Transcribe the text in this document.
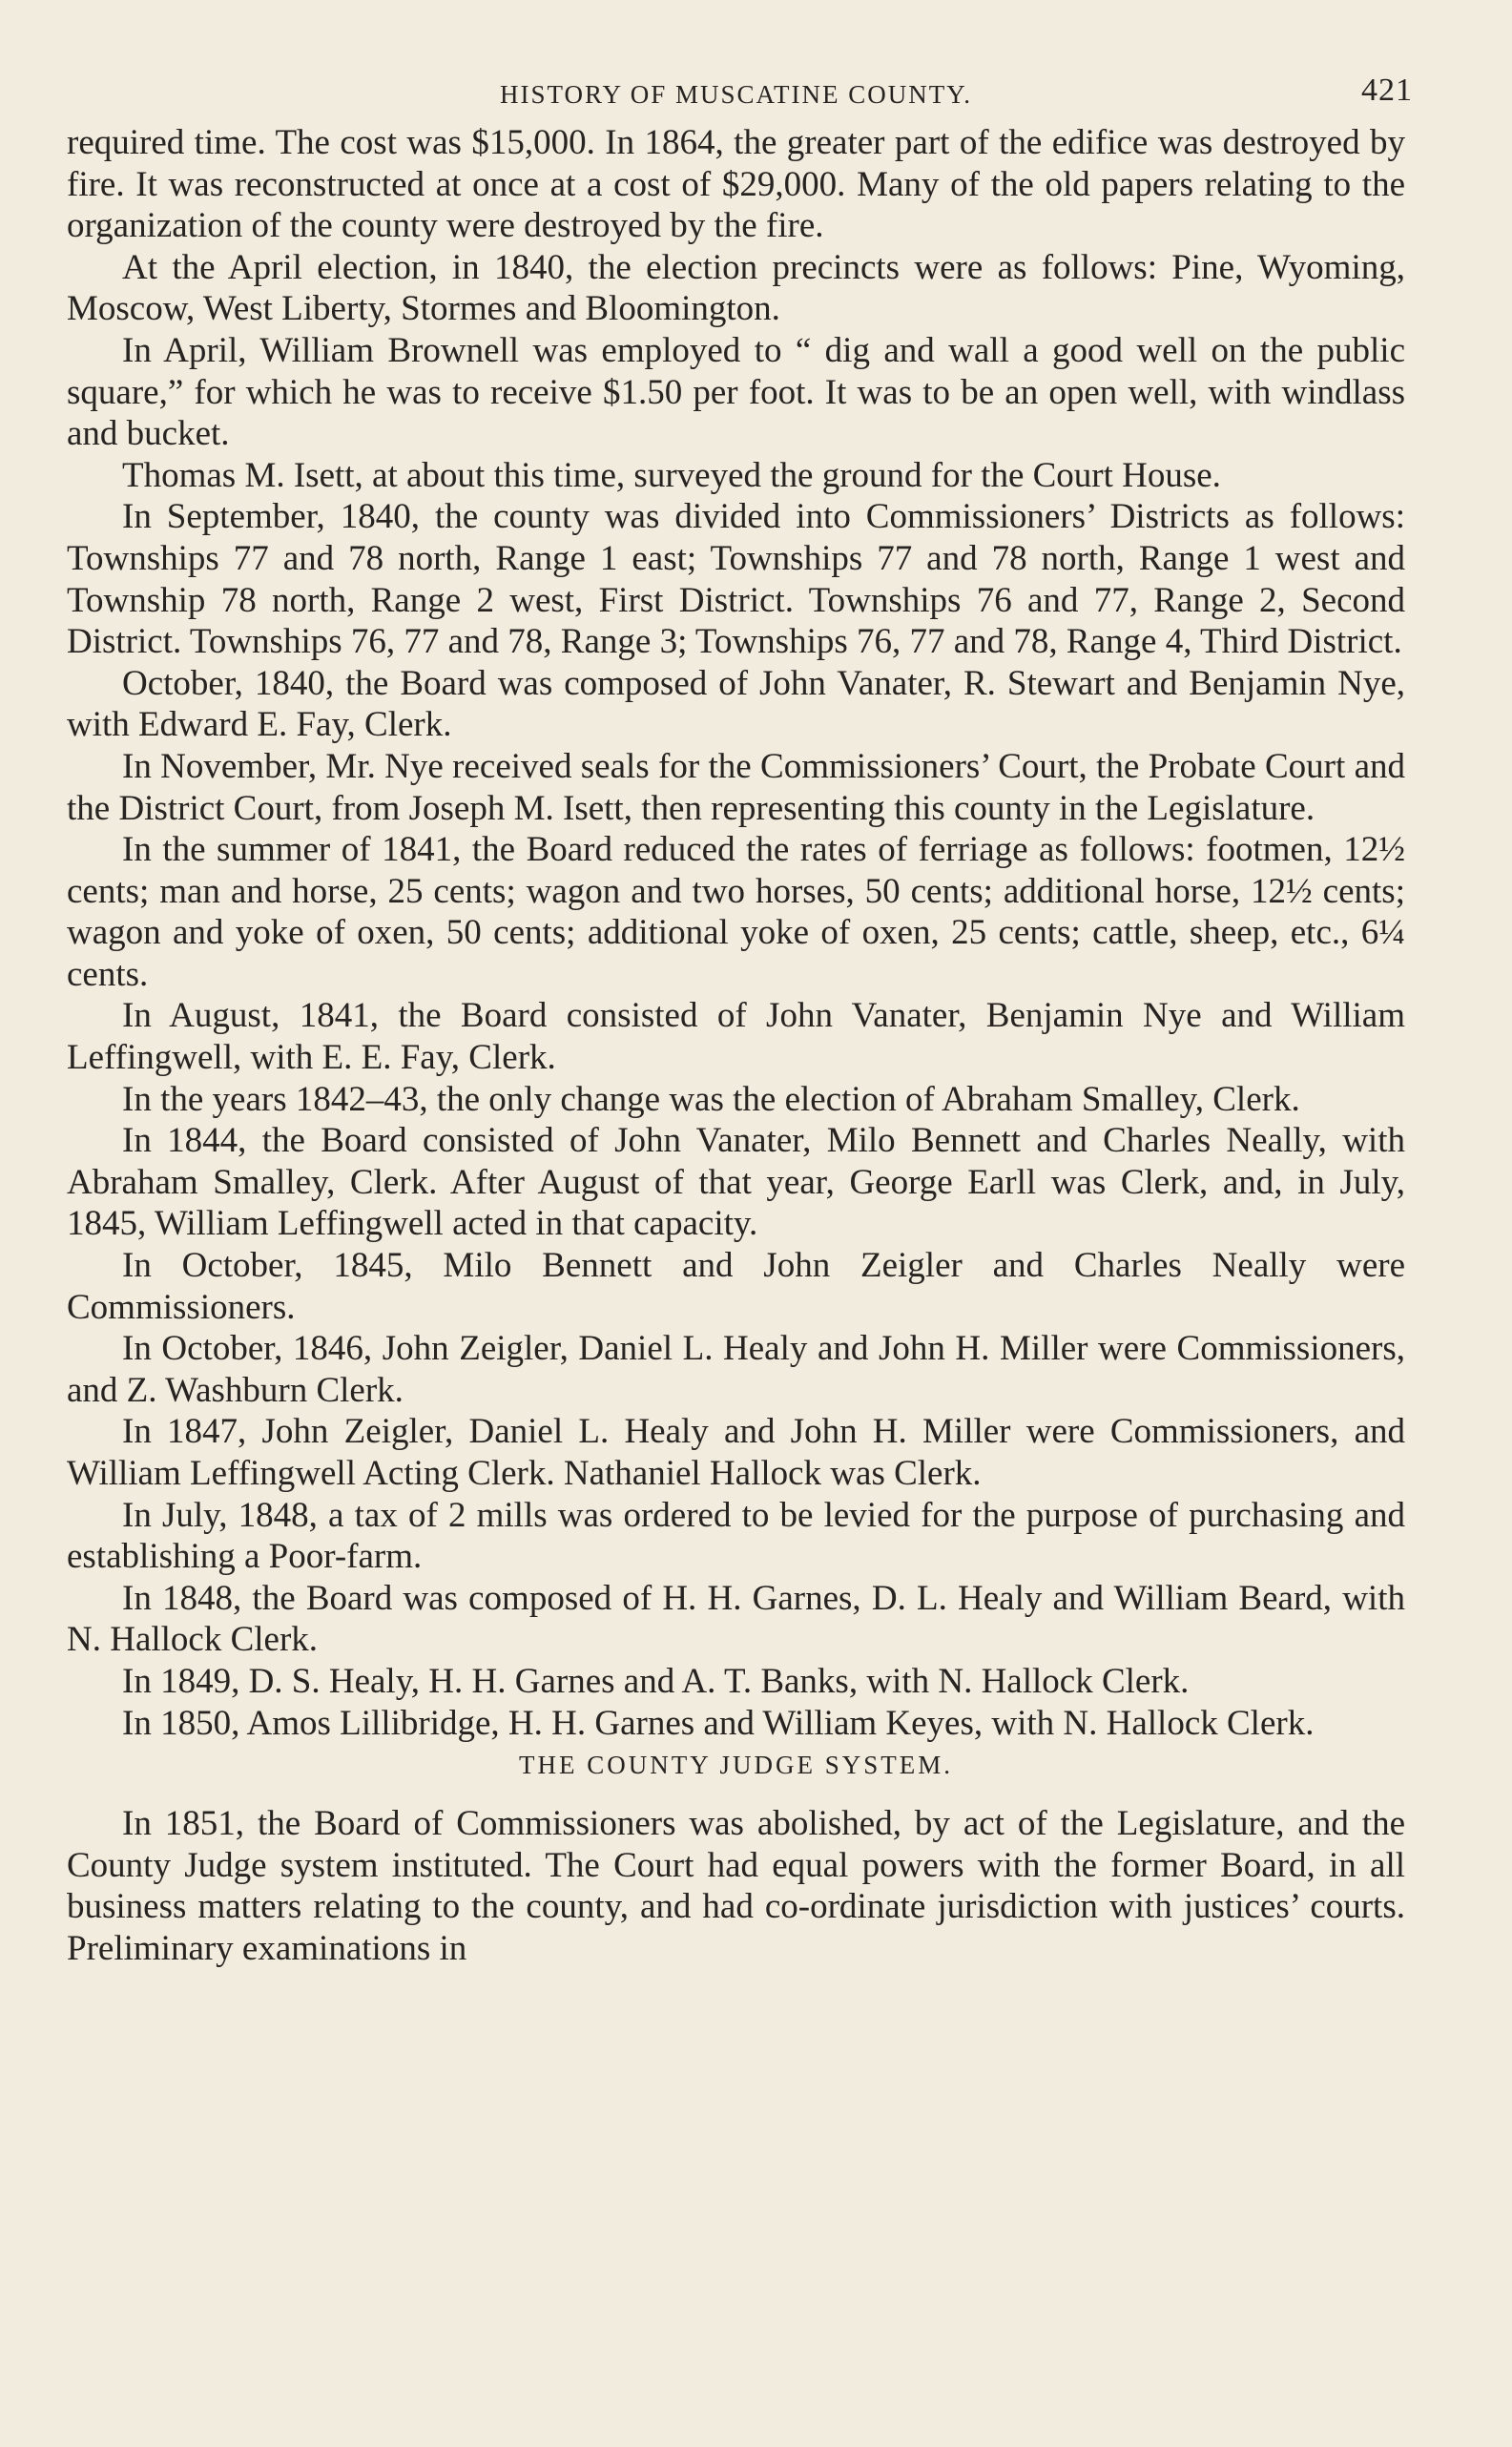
HISTORY OF MUSCATINE COUNTY.	421

required time. The cost was $15,000. In 1864, the greater part of the edifice was destroyed by fire. It was reconstructed at once at a cost of $29,000. Many of the old papers relating to the organization of the county were destroyed by the fire.

At the April election, in 1840, the election precincts were as follows: Pine, Wyoming, Moscow, West Liberty, Stormes and Bloomington.

In April, William Brownell was employed to “ dig and wall a good well on the public square,” for which he was to receive $1.50 per foot. It was to be an open well, with windlass and bucket.

Thomas M. Isett, at about this time, surveyed the ground for the Court House.

In September, 1840, the county was divided into Commissioners’ Districts as follows: Townships 77 and 78 north, Range 1 east; Townships 77 and 78 north, Range 1 west and Township 78 north, Range 2 west, First District. Townships 76 and 77, Range 2, Second District. Townships 76, 77 and 78, Range 3; Townships 76, 77 and 78, Range 4, Third District.

October, 1840, the Board was composed of John Vanater, R. Stewart and Benjamin Nye, with Edward E. Fay, Clerk.

In November, Mr. Nye received seals for the Commissioners’ Court, the Probate Court and the District Court, from Joseph M. Isett, then representing this county in the Legislature.

In the summer of 1841, the Board reduced the rates of ferriage as follows: footmen, 12½ cents; man and horse, 25 cents; wagon and two horses, 50 cents; additional horse, 12½ cents; wagon and yoke of oxen, 50 cents; additional yoke of oxen, 25 cents; cattle, sheep, etc., 6¼ cents.

In August, 1841, the Board consisted of John Vanater, Benjamin Nye and William Leffingwell, with E. E. Fay, Clerk.

In the years 1842–43, the only change was the election of Abraham Smalley, Clerk.

In 1844, the Board consisted of John Vanater, Milo Bennett and Charles Neally, with Abraham Smalley, Clerk. After August of that year, George Earll was Clerk, and, in July, 1845, William Leffingwell acted in that capacity.

In October, 1845, Milo Bennett and John Zeigler and Charles Neally were Commissioners.

In October, 1846, John Zeigler, Daniel L. Healy and John H. Miller were Commissioners, and Z. Washburn Clerk.

In 1847, John Zeigler, Daniel L. Healy and John H. Miller were Commissioners, and William Leffingwell Acting Clerk. Nathaniel Hallock was Clerk.

In July, 1848, a tax of 2 mills was ordered to be levied for the purpose of purchasing and establishing a Poor-farm.

In 1848, the Board was composed of H. H. Garnes, D. L. Healy and William Beard, with N. Hallock Clerk.

In 1849, D. S. Healy, H. H. Garnes and A. T. Banks, with N. Hallock Clerk.

In 1850, Amos Lillibridge, H. H. Garnes and William Keyes, with N. Hallock Clerk.

THE COUNTY JUDGE SYSTEM.

In 1851, the Board of Commissioners was abolished, by act of the Legislature, and the County Judge system instituted. The Court had equal powers with the former Board, in all business matters relating to the county, and had co-ordinate jurisdiction with justices’ courts. Preliminary examinations in
